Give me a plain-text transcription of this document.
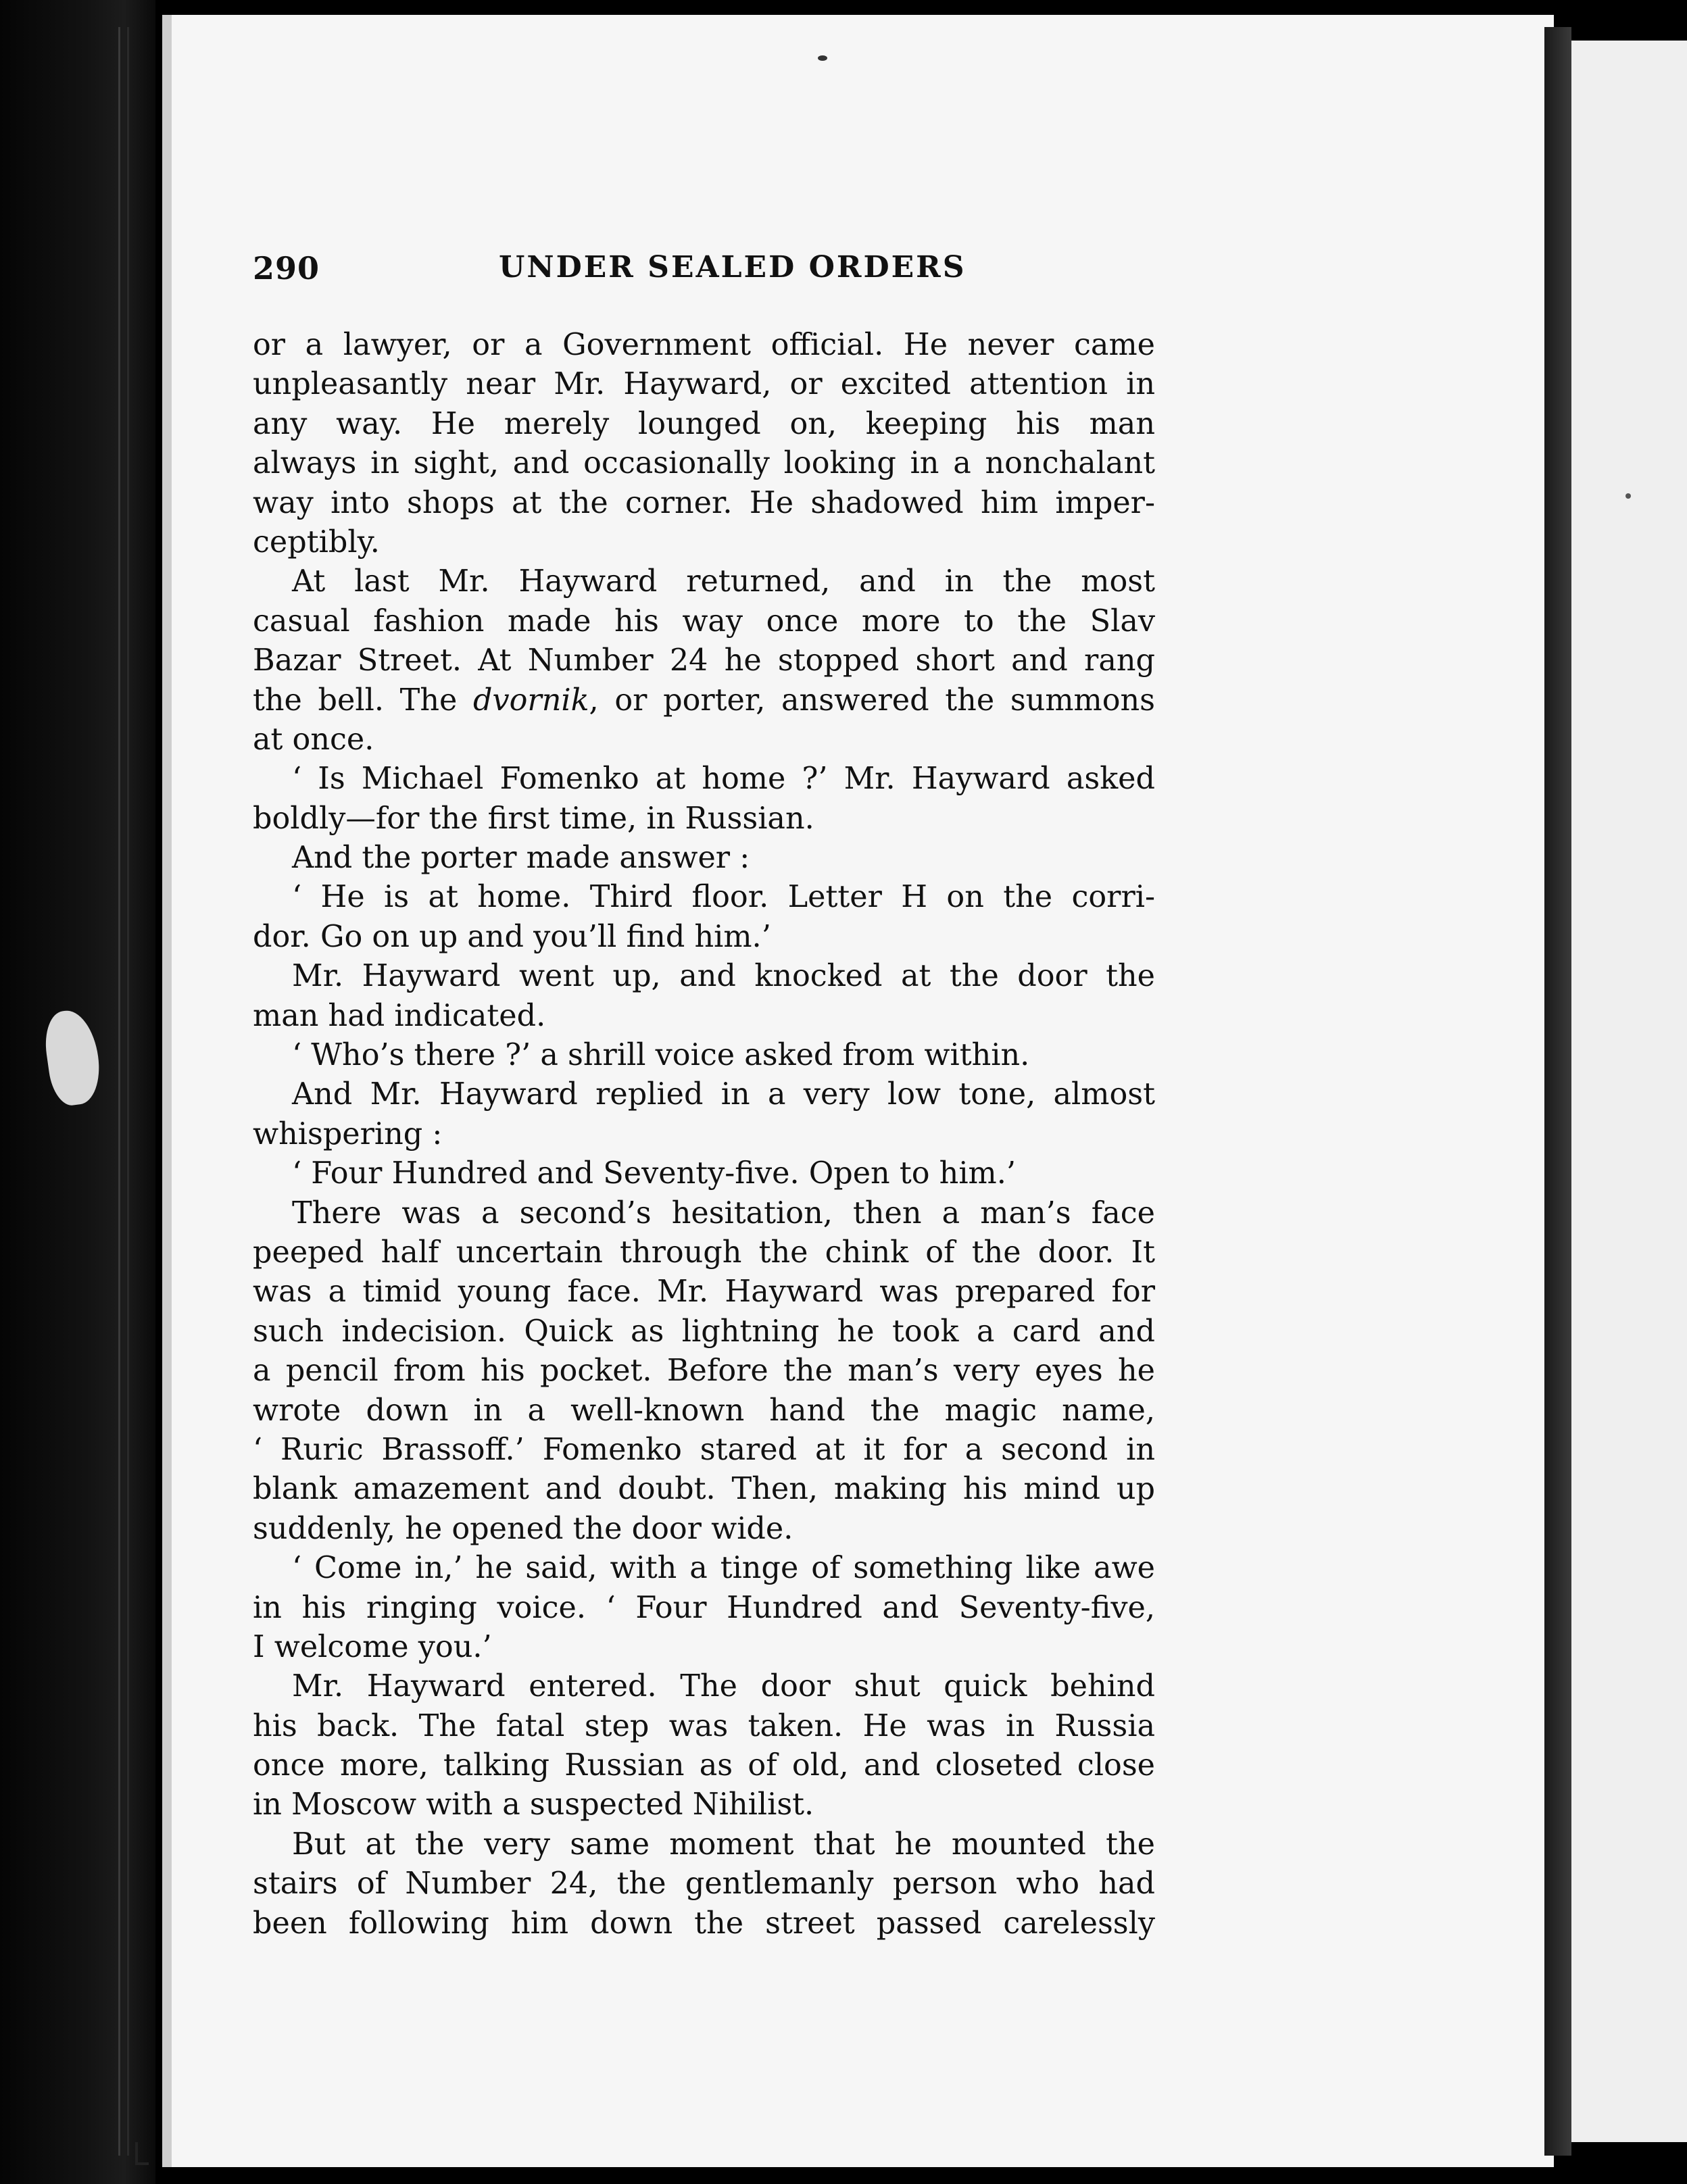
290	UNDER SEALED ORDERS
or a lawyer, or a Government official. He never came
unpleasantly near Mr. Hayward, or excited attention in
any way. He merely lounged on, keeping his man
always in sight, and occasionally looking in a nonchalant
way into shops at the corner. He shadowed him imper-
ceptibly.
At last Mr. Hayward returned, and in the most
casual fashion made his way once more to the Slav
Bazar Street. At Number 24 he stopped short and rang
the bell. The dvornik, or porter, answered the summons
at once.
‘ Is Michael Fomenko at home ?’ Mr. Hayward asked
boldly—for the first time, in Russian.
And the porter made answer :
‘ He is at home. Third floor. Letter H on the corri-
dor. Go on up and you’ll find him.’
Mr. Hayward went up, and knocked at the door the
man had indicated.
‘ Who’s there ?’ a shrill voice asked from within.
And Mr. Hayward replied in a very low tone, almost
whispering :
‘ Four Hundred and Seventy-five. Open to him.’
There was a second’s hesitation, then a man’s face
peeped half uncertain through the chink of the door. It
was a timid young face. Mr. Hayward was prepared for
such indecision. Quick as lightning he took a card and
a pencil from his pocket. Before the man’s very eyes he
wrote down in a well-known hand the magic name,
‘ Ruric Brassoff.’ Fomenko stared at it for a second in
blank amazement and doubt. Then, making his mind up
suddenly, he opened the door wide.
‘ Come in,’ he said, with a tinge of something like awe
in his ringing voice. ‘ Four Hundred and Seventy-five,
I welcome you.’
Mr. Hayward entered. The door shut quick behind
his back. The fatal step was taken. He was in Russia
once more, talking Russian as of old, and closeted close
in Moscow with a suspected Nihilist.
But at the very same moment that he mounted the
stairs of Number 24, the gentlemanly person who had
been following him down the street passed carelessly
